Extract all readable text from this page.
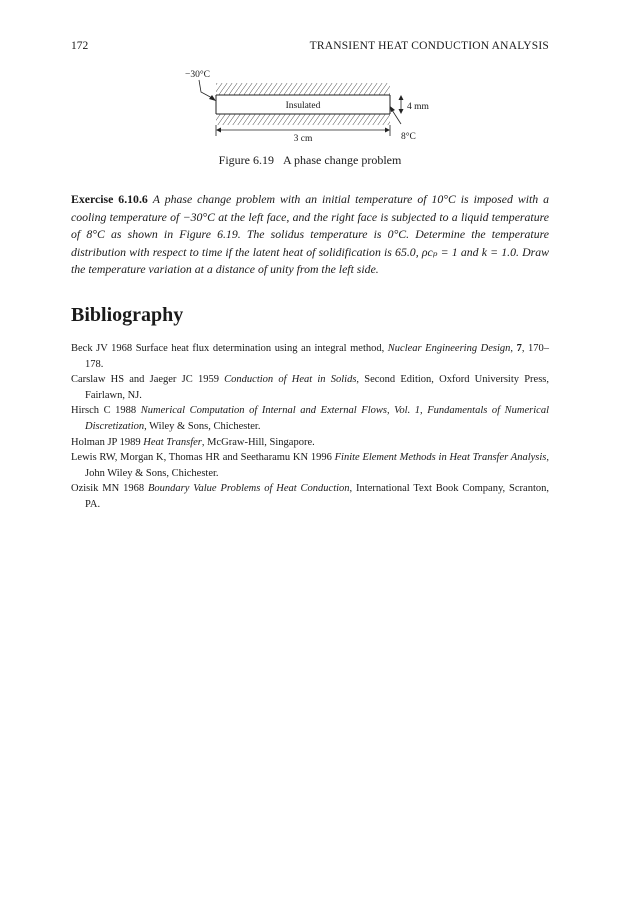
172	TRANSIENT HEAT CONDUCTION ANALYSIS
−30°C
Insulated	4 mm
8°C
3 cm
Figure 6.19 A phase change problem
Exercise 6.10.6 A phase change problem with an initial temperature of 10°C is imposed with a cooling temperature of −30°C at the left face, and the right face is subjected to a liquid temperature of 8°C as shown in Figure 6.19. The solidus temperature is 0°C. Determine the temperature distribution with respect to time if the latent heat of solidification is 65.0, ρcₚ = 1 and k = 1.0. Draw the temperature variation at a distance of unity from the left side.
Bibliography

Beck JV 1968 Surface heat flux determination using an integral method, Nuclear Engineering Design, 7, 170–178.

Carslaw HS and Jaeger JC 1959 Conduction of Heat in Solids, Second Edition, Oxford University Press, Fairlawn, NJ.

Hirsch C 1988 Numerical Computation of Internal and External Flows, Vol. 1, Fundamentals of Numerical Discretization, Wiley & Sons, Chichester.

Holman JP 1989 Heat Transfer, McGraw-Hill, Singapore.

Lewis RW, Morgan K, Thomas HR and Seetharamu KN 1996 Finite Element Methods in Heat Transfer Analysis, John Wiley & Sons, Chichester.

Ozisik MN 1968 Boundary Value Problems of Heat Conduction, International Text Book Company, Scranton, PA.
